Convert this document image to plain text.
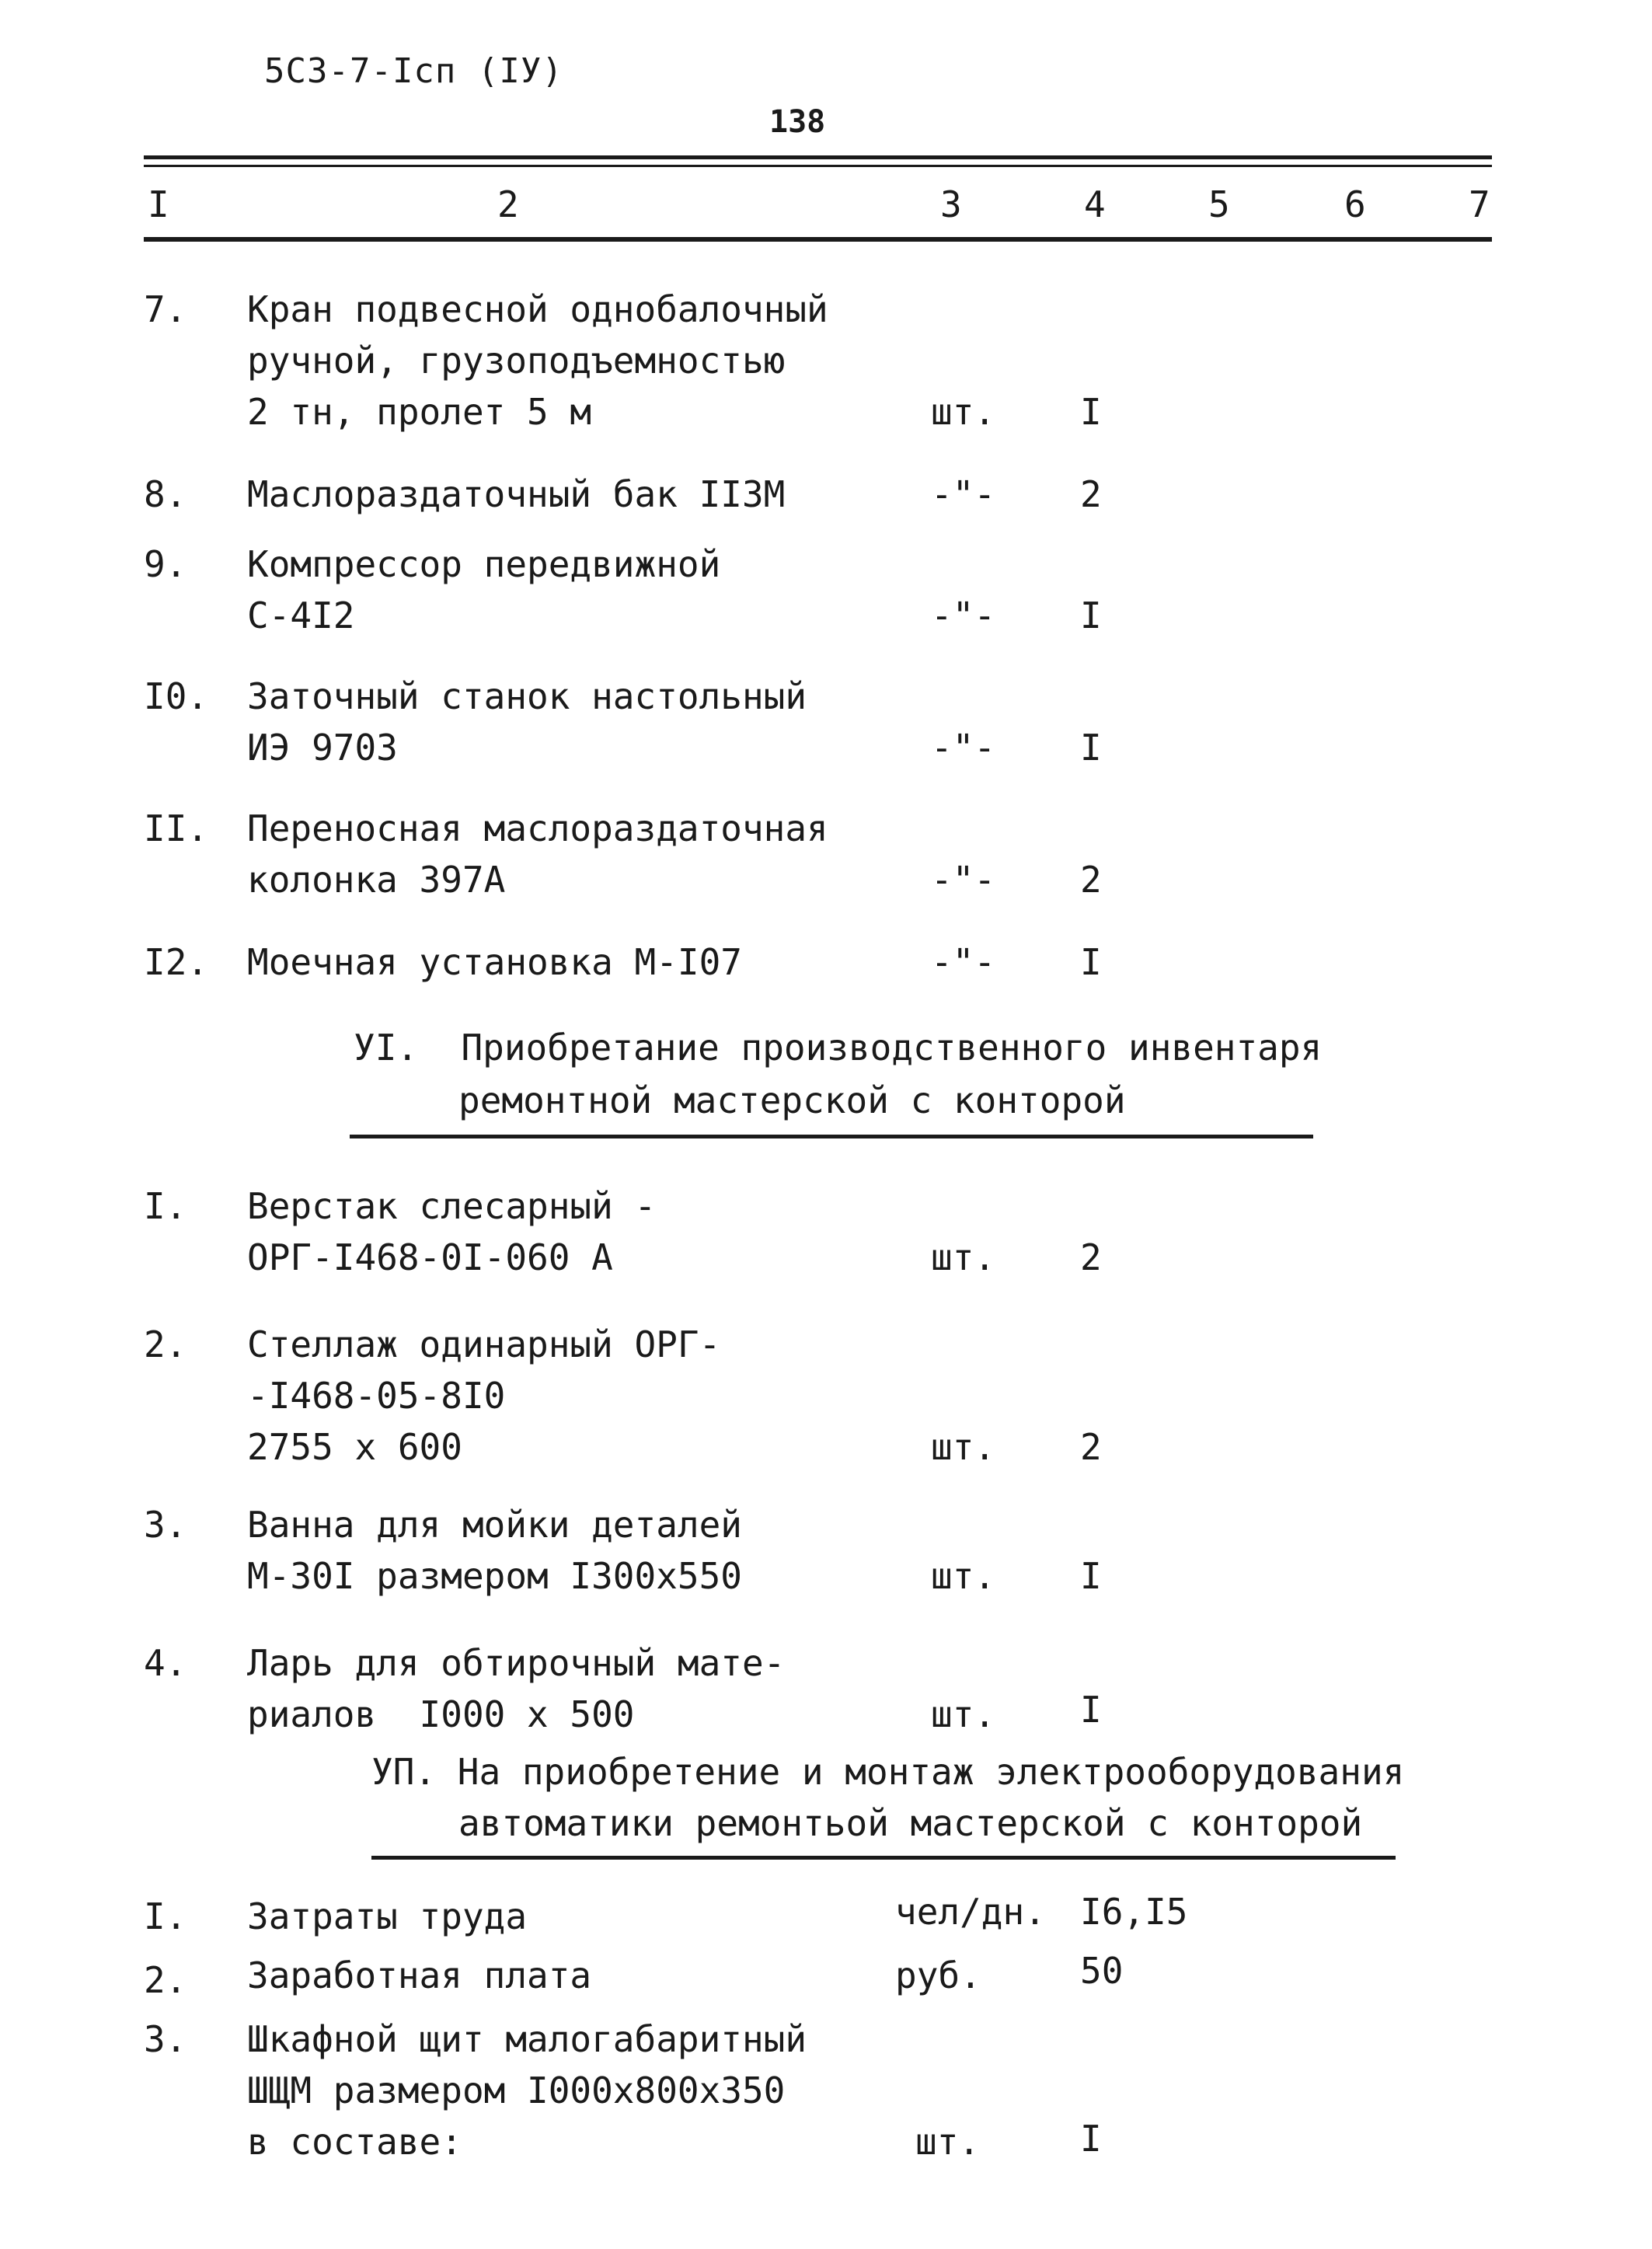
5С3-7-Iсп (IУ)
138
I	2	3	4	5	6	7
7. Кран подвесной однобалочный
ручной, грузоподъемностью
2 тн, пролет 5 м	шт. I
8. Маслораздаточный бак II3М	-"- 2
9. Компрессор передвижной
С-4I2	-"- I
I0. Заточный станок настольный
ИЭ 9703	-"- I
II. Переносная маслораздаточная
колонка 397А	-"- 2
I2. Моечная установка М-I07	-"- I
УI.  Приобретание производственного инвентаря
ремонтной мастерской с конторой
I. Верстак слесарный -
ОРГ-I468-0I-060 А	шт. 2
2. Стеллаж одинарный ОРГ-
-I468-05-8I0
2755 х 600	шт. 2
3. Ванна для мойки деталей
М-30I размером I300х550	шт. I
4. Ларь для обтирочный мате-
риалов  I000 х 500	шт. I
УП. На приобретение и монтаж электрооборудования
автоматики ремонтьой мастерской с конторой
I. Затраты труда	чел/дн. I6,I5
2. Заработная плата	руб.	50
3. Шкафной щит малогабаритный
ШЩМ размером I000х800х350
в составе:	шт.	I
